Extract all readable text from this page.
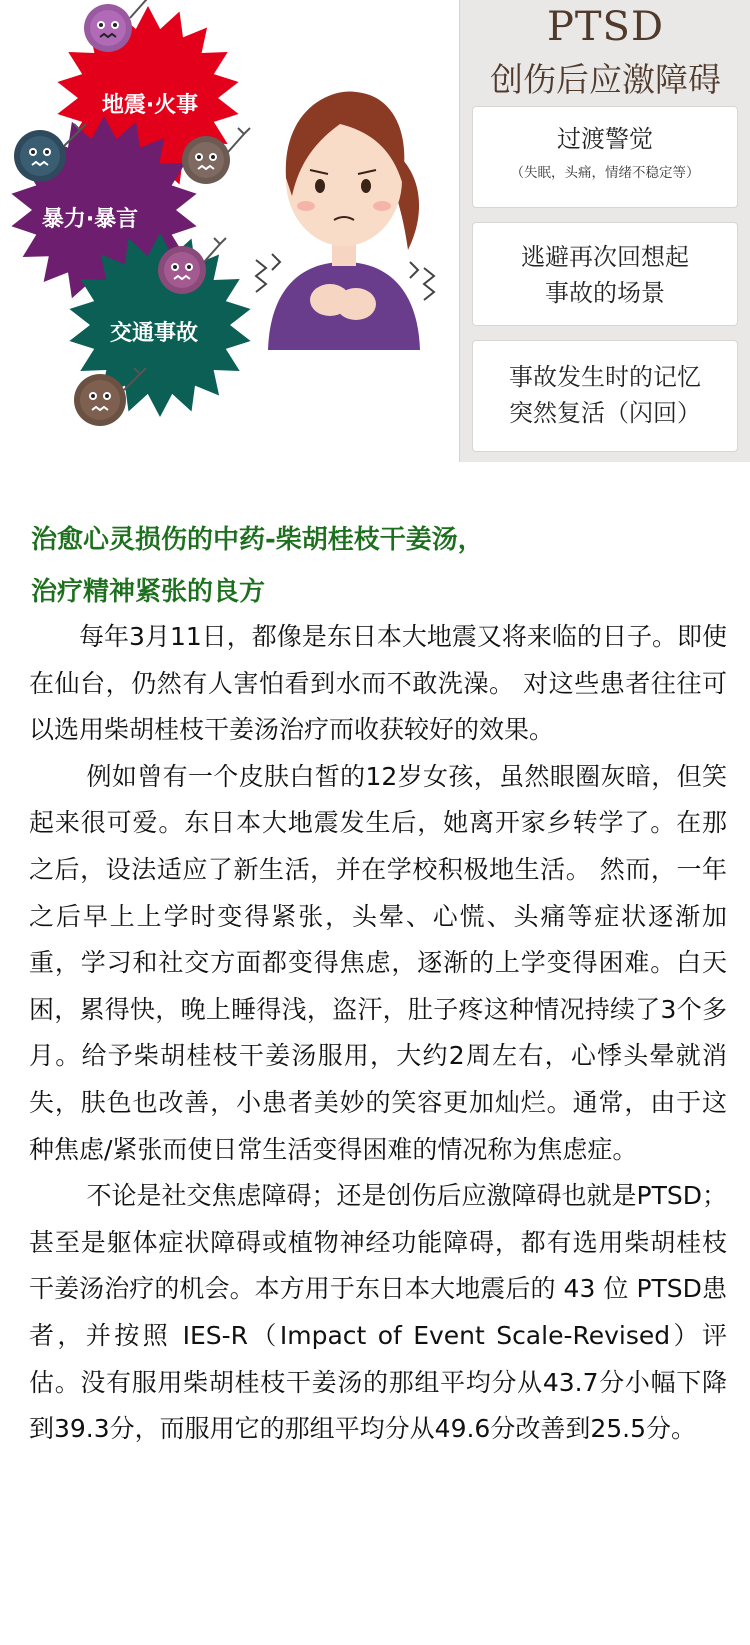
地震·火事
暴力·暴言
交通事故
PTSD
创伤后应激障碍
过渡警觉
（失眠，头痛，情绪不稳定等）
逃避再次回想起
事故的场景
事故发生时的记忆
突然复活（闪回）
治愈心灵损伤的中药-柴胡桂枝干姜汤，
治疗精神紧张的良方

每年3月11日，都像是东日本大地震又将来临的日子。即使在仙台，仍然有人害怕看到水而不敢洗澡。 对这些患者往往可以选用柴胡桂枝干姜汤治疗而收获较好的效果。

例如曾有一个皮肤白皙的12岁女孩，虽然眼圈灰暗，但笑起来很可爱。东日本大地震发生后，她离开家乡转学了。在那之后，设法适应了新生活，并在学校积极地生活。 然而，一年之后早上上学时变得紧张，头晕、心慌、头痛等症状逐渐加重，学习和社交方面都变得焦虑，逐渐的上学变得困难。白天困，累得快，晚上睡得浅，盗汗，肚子疼这种情况持续了3个多月。给予柴胡桂枝干姜汤服用，大约2周左右，心悸头晕就消失，肤色也改善，小患者美妙的笑容更加灿烂。通常，由于这种焦虑/紧张而使日常生活变得困难的情况称为焦虑症。

不论是社交焦虑障碍；还是创伤后应激障碍也就是PTSD；甚至是躯体症状障碍或植物神经功能障碍，都有选用柴胡桂枝干姜汤治疗的机会。本方用于东日本大地震后的 43 位 PTSD患者，并按照 IES-R（Impact of Event Scale-Revised）评估。没有服用柴胡桂枝干姜汤的那组平均分从43.7分小幅下降到39.3分，而服用它的那组平均分从49.6分改善到25.5分。
